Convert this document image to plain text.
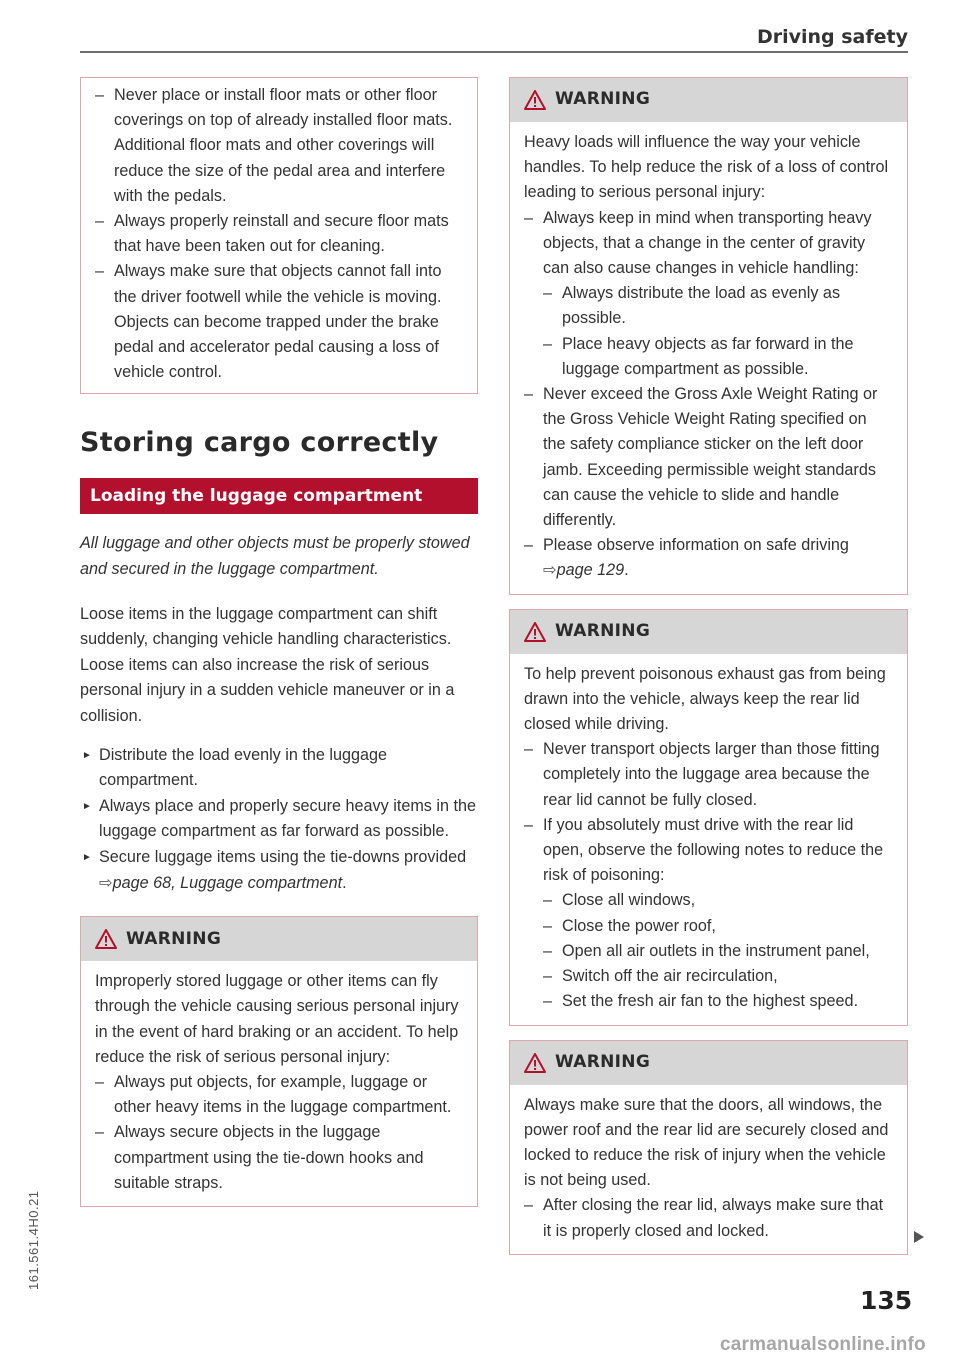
Driving safety
161.561.4H0.21
– Never place or install floor mats or other floor coverings on top of already installed floor mats. Additional floor mats and other coverings will reduce the size of the pedal area and interfere with the pedals.
– Always properly reinstall and secure floor mats that have been taken out for cleaning.
– Always make sure that objects cannot fall into the driver footwell while the vehicle is moving. Objects can become trapped under the brake pedal and accelerator pedal causing a loss of vehicle control.
Storing cargo correctly
Loading the luggage compartment
All luggage and other objects must be properly stowed and secured in the luggage compartment.
Loose items in the luggage compartment can shift suddenly, changing vehicle handling characteristics. Loose items can also increase the risk of serious personal injury in a sudden vehicle maneuver or in a collision.
► Distribute the load evenly in the luggage compartment.
► Always place and properly secure heavy items in the luggage compartment as far forward as possible.
► Secure luggage items using the tie-downs provided ⇨page 68, Luggage compartment.
WARNING
Improperly stored luggage or other items can fly through the vehicle causing serious personal injury in the event of hard braking or an accident. To help reduce the risk of serious personal injury:
– Always put objects, for example, luggage or other heavy items in the luggage compartment.
– Always secure objects in the luggage compartment using the tie-down hooks and suitable straps.
WARNING
Heavy loads will influence the way your vehicle handles. To help reduce the risk of a loss of control leading to serious personal injury:
– Always keep in mind when transporting heavy objects, that a change in the center of gravity can also cause changes in vehicle handling:
– Always distribute the load as evenly as possible.
– Place heavy objects as far forward in the luggage compartment as possible.
– Never exceed the Gross Axle Weight Rating or the Gross Vehicle Weight Rating specified on the safety compliance sticker on the left door jamb. Exceeding permissible weight standards can cause the vehicle to slide and handle differently.
– Please observe information on safe driving
⇨page 129.
WARNING
To help prevent poisonous exhaust gas from being drawn into the vehicle, always keep the rear lid closed while driving.
– Never transport objects larger than those fitting completely into the luggage area because the rear lid cannot be fully closed.
– If you absolutely must drive with the rear lid open, observe the following notes to reduce the risk of poisoning:
– Close all windows,
– Close the power roof,
– Open all air outlets in the instrument panel,
– Switch off the air recirculation,
– Set the fresh air fan to the highest speed.
WARNING
Always make sure that the doors, all windows, the power roof and the rear lid are securely closed and locked to reduce the risk of injury when the vehicle is not being used.
– After closing the rear lid, always make sure that it is properly closed and locked.
135
carmanualsonline.info
